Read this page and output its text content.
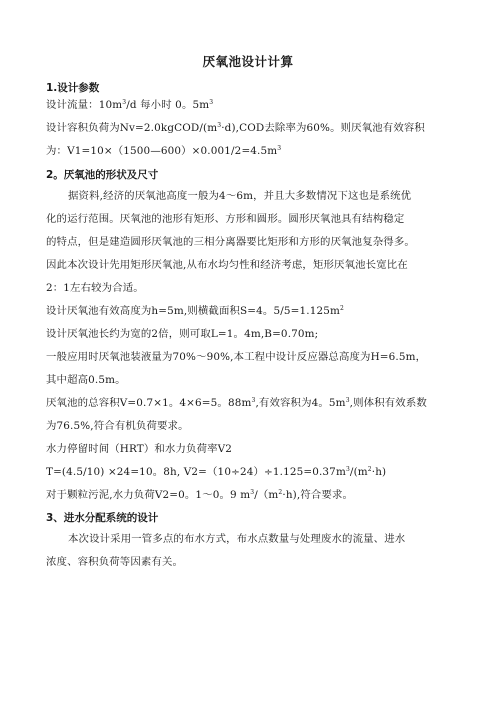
厌氧池设计计算
1.设计参数
设计流量：$10m^3/d$ 每小时 0。$5m^3$
设计容积负荷为$Nv=2.0kgCOD/(m^3\cdot d),COD$去除率为60%。则厌氧池有效容积
为：$V1=10\times(1500—600)\times 0.001/2=4.5m^3$
2。厌氧池的形状及尺寸
据资料,经济的厌氧池高度一般为4～6m，并且大多数情况下这也是系统优
化的运行范围。厌氧池的池形有矩形、方形和圆形。圆形厌氧池具有结构稳定
的特点，但是建造圆形厌氧池的三相分离器要比矩形和方形的厌氧池复杂得多。
因此本次设计先用矩形厌氧池,从布水均匀性和经济考虑，矩形厌氧池长宽比在
2：1左右较为合适。
设计厌氧池有效高度为h=5m,则横截面积S=4。$5/5=1.125m^2$
设计厌氧池长约为宽的2倍，则可取L=1。4m,B=0.70m;
一般应用时厌氧池装液量为70%～90%,本工程中设计反应器总高度为H=6.5m，
其中超高0.5m。
厌氧池的总容积V=0.7×1。4×6=5。$88m^3$,有效容积为4。$5m^3$,则体积有效系数
为76.5%,符合有机负荷要求。
水力停留时间（HRT）和水力负荷率V2
T=(4.5/10) ×24=10。8h, $V2=(10\div 24)\div 1.125=0.37m^3/(m^2\cdot h)$
对于颗粒污泥,水力负荷V2=0。1～0。9 $m^3/(m^2\cdot h)$,符合要求。
3、进水分配系统的设计
本次设计采用一管多点的布水方式，布水点数量与处理废水的流量、进水
浓度、容积负荷等因素有关。
